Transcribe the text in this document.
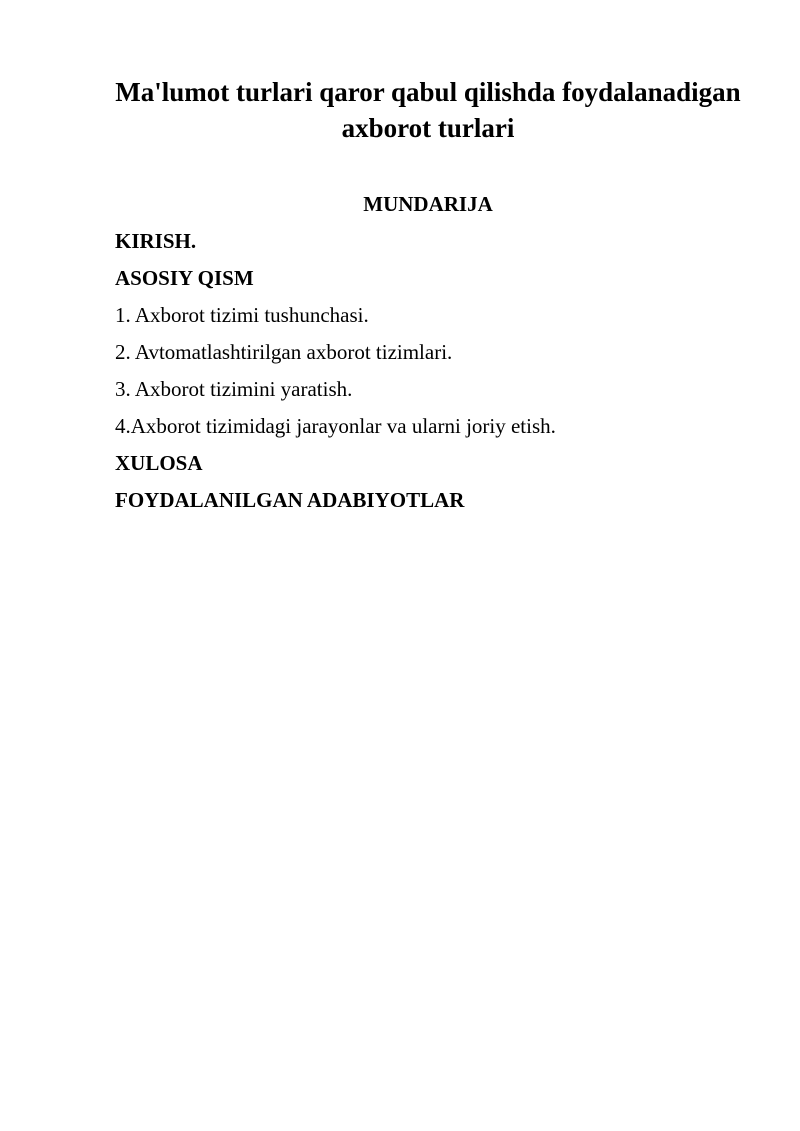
Ma'lumot turlari qaror qabul qilishda foydalanadigan axborot turlari
MUNDARIJA
KIRISH.
ASOSIY QISM
1. Axborot tizimi tushunchasi.
2. Avtomatlashtirilgan axborot tizimlari.
3. Axborot tizimini yaratish.
4.Axborot tizimidagi jarayonlar va ularni joriy etish.
XULOSA
FOYDALANILGAN ADABIYOTLAR
